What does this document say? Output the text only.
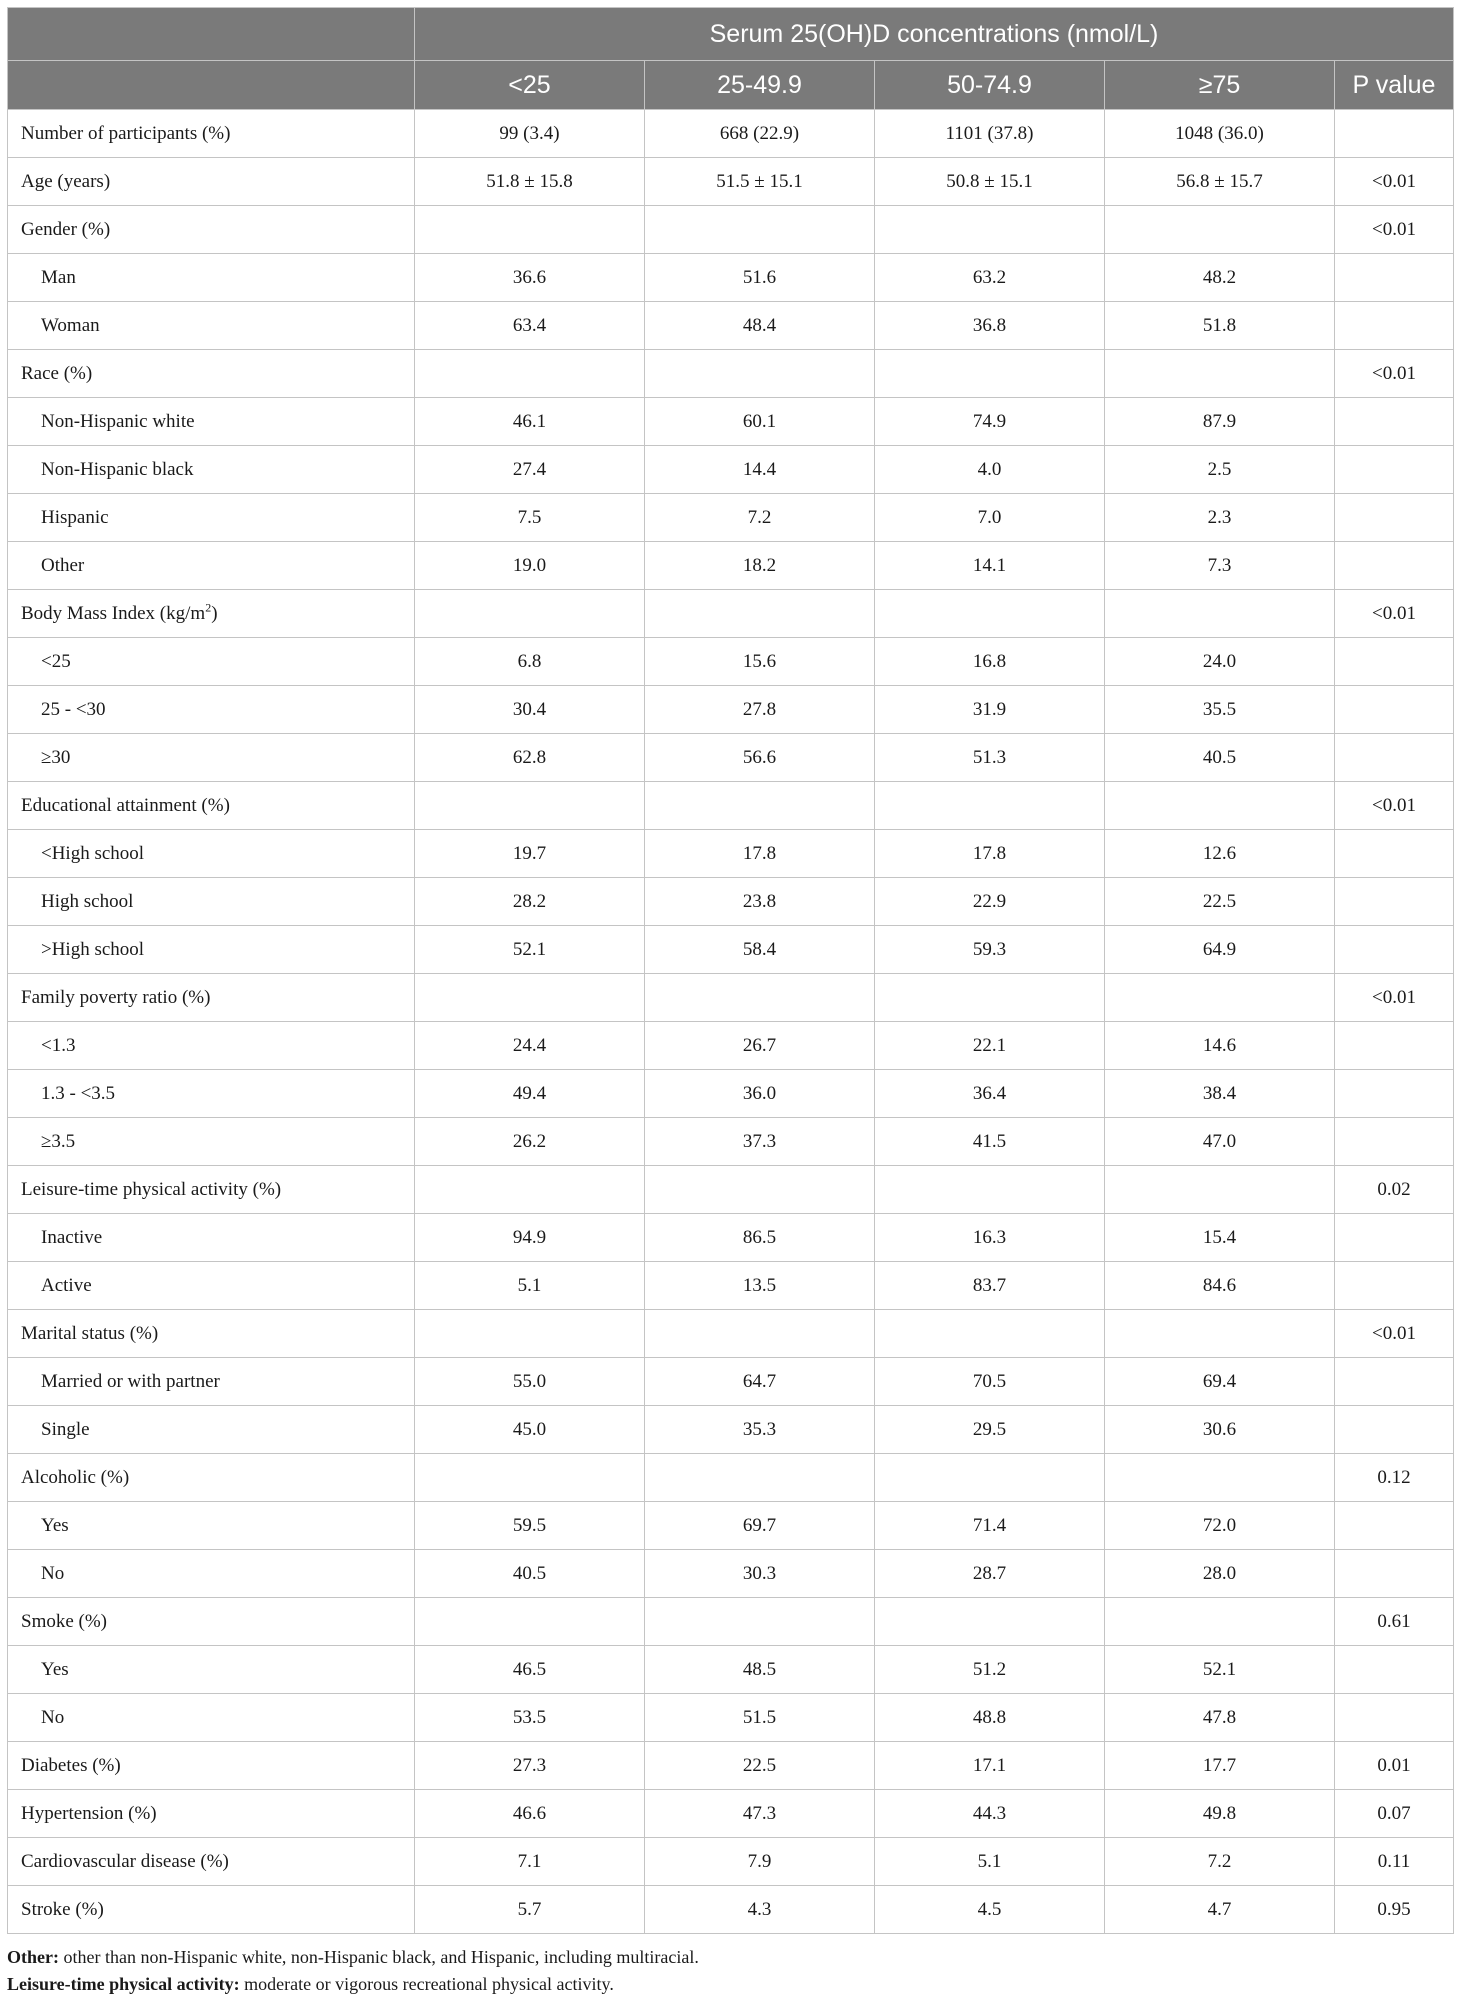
	Serum 25(OH)D concentrations (nmol/L)				
	<25	25-49.9	50-74.9	≥75	P value
Number of participants (%)	99 (3.4)	668 (22.9)	1101 (37.8)	1048 (36.0)	
Age (years)	51.8 ± 15.8	51.5 ± 15.1	50.8 ± 15.1	56.8 ± 15.7	<0.01
Gender (%)					<0.01
Man	36.6	51.6	63.2	48.2	
Woman	63.4	48.4	36.8	51.8	
Race (%)					<0.01
Non-Hispanic white	46.1	60.1	74.9	87.9	
Non-Hispanic black	27.4	14.4	4.0	2.5	
Hispanic	7.5	7.2	7.0	2.3	
Other	19.0	18.2	14.1	7.3	
Body Mass Index $(kg/m^2)$					<0.01
<25	6.8	15.6	16.8	24.0	
25 - <30	30.4	27.8	31.9	35.5	
≥30	62.8	56.6	51.3	40.5	
Educational attainment (%)					<0.01
<High school	19.7	17.8	17.8	12.6	
High school	28.2	23.8	22.9	22.5	
>High school	52.1	58.4	59.3	64.9	
Family poverty ratio (%)					<0.01
<1.3	24.4	26.7	22.1	14.6	
1.3 - <3.5	49.4	36.0	36.4	38.4	
≥3.5	26.2	37.3	41.5	47.0	
Leisure-time physical activity (%)					0.02
Inactive	94.9	86.5	16.3	15.4	
Active	5.1	13.5	83.7	84.6	
Marital status (%)					<0.01
Married or with partner	55.0	64.7	70.5	69.4	
Single	45.0	35.3	29.5	30.6	
Alcoholic (%)					0.12
Yes	59.5	69.7	71.4	72.0	
No	40.5	30.3	28.7	28.0	
Smoke (%)					0.61
Yes	46.5	48.5	51.2	52.1	
No	53.5	51.5	48.8	47.8	
Diabetes (%)	27.3	22.5	17.1	17.7	0.01
Hypertension (%)	46.6	47.3	44.3	49.8	0.07
Cardiovascular disease (%)	7.1	7.9	5.1	7.2	0.11
Stroke (%)	5.7	4.3	4.5	4.7	0.95
Other: other than non-Hispanic white, non-Hispanic black, and Hispanic, including multiracial.
Leisure-time physical activity: moderate or vigorous recreational physical activity.
